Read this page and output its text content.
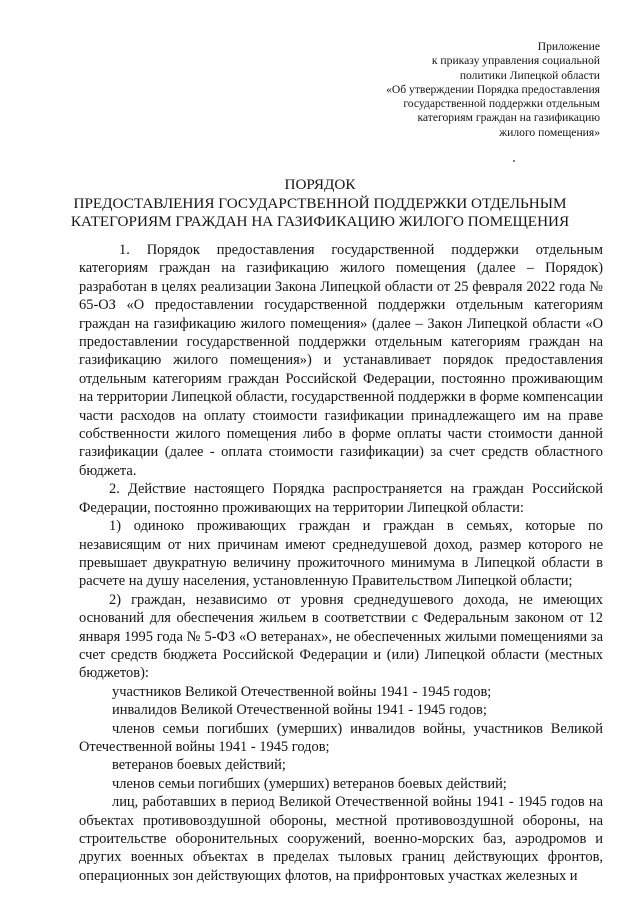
Приложение
к приказу управления социальной
политики Липецкой области
«Об утверждении Порядка предоставления
государственной поддержки отдельным
категориям граждан на газификацию
жилого помещения»
ПОРЯДОК
ПРЕДОСТАВЛЕНИЯ ГОСУДАРСТВЕННОЙ ПОДДЕРЖКИ ОТДЕЛЬНЫМ
КАТЕГОРИЯМ ГРАЖДАН НА ГАЗИФИКАЦИЮ ЖИЛОГО ПОМЕЩЕНИЯ

1. Порядок предоставления государственной поддержки отдельным категориям граждан на газификацию жилого помещения (далее – Порядок) разработан в целях реализации Закона Липецкой области от 25 февраля 2022 года № 65-ОЗ «О предоставлении государственной поддержки отдельным категориям граждан на газификацию жилого помещения» (далее – Закон Липецкой области «О предоставлении государственной поддержки отдельным категориям граждан на газификацию жилого помещения») и устанавливает порядок предоставления отдельным категориям граждан Российской Федерации, постоянно проживающим на территории Липецкой области, государственной поддержки в форме компенсации части расходов на оплату стоимости газификации принадлежащего им на праве собственности жилого помещения либо в форме оплаты части стоимости данной газификации (далее - оплата стоимости газификации) за счет средств областного бюджета.

2. Действие настоящего Порядка распространяется на граждан Российской Федерации, постоянно проживающих на территории Липецкой области:

1) одиноко проживающих граждан и граждан в семьях, которые по независящим от них причинам имеют среднедушевой доход, размер которого не превышает двукратную величину прожиточного минимума в Липецкой области в расчете на душу населения, установленную Правительством Липецкой области;

2) граждан, независимо от уровня среднедушевого дохода, не имеющих оснований для обеспечения жильем в соответствии с Федеральным законом от 12 января 1995 года № 5-ФЗ «О ветеранах», не обеспеченных жилыми помещениями за счет средств бюджета Российской Федерации и (или) Липецкой области (местных бюджетов):

участников Великой Отечественной войны 1941 - 1945 годов;

инвалидов Великой Отечественной войны 1941 - 1945 годов;

членов семьи погибших (умерших) инвалидов войны, участников Великой Отечественной войны 1941 - 1945 годов;

ветеранов боевых действий;

членов семьи погибших (умерших) ветеранов боевых действий;

лиц, работавших в период Великой Отечественной войны 1941 - 1945 годов на объектах противовоздушной обороны, местной противовоздушной обороны, на строительстве оборонительных сооружений, военно-морских баз, аэродромов и других военных объектах в пределах тыловых границ действующих фронтов, операционных зон действующих флотов, на прифронтовых участках железных и
